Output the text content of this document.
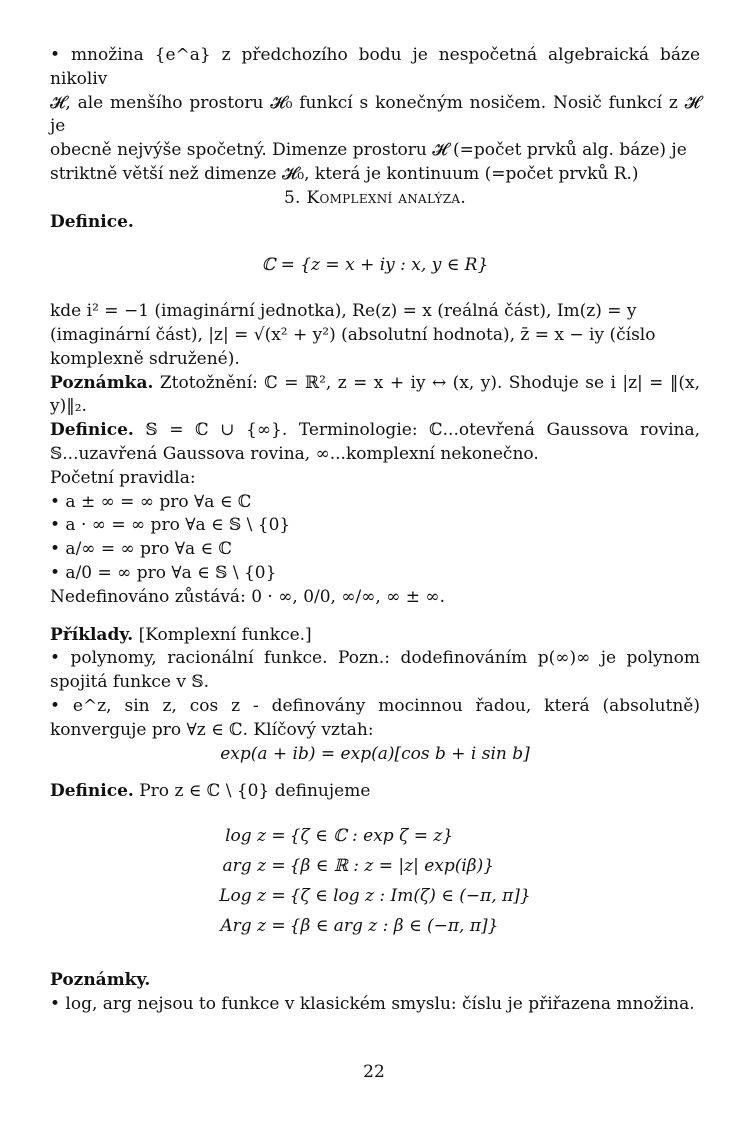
• množina {e^a} z předchozího bodu je nespočetná algebraická báze nikoliv

𝓗, ale menšího prostoru 𝓗₀ funkcí s konečným nosičem. Nosič funkcí z 𝓗 je

obecně nejvýše spočetný. Dimenze prostoru 𝓗 (=počet prvků alg. báze) je

striktně větší než dimenze 𝓗₀, která je kontinuum (=počet prvků R.)

5. Komplexní analýza.

Definice.

ℂ = {z = x + iy : x, y ∈ R}

kde i² = −1 (imaginární jednotka), Re(z) = x (reálná část), Im(z) = y

(imaginární část), |z| = √(x² + y²) (absolutní hodnota), z̄ = x − iy (číslo

komplexně sdružené).

Poznámka. Ztotožnění: ℂ = ℝ², z = x + iy ↔ (x, y). Shoduje se i |z| = ‖(x, y)‖₂.

Definice. 𝕊 = ℂ ∪ {∞}. Terminologie: ℂ...otevřená Gaussova rovina, 𝕊...uzavřená Gaussova rovina, ∞...komplexní nekonečno.

Početní pravidla:

• a ± ∞ = ∞ pro ∀a ∈ ℂ

• a · ∞ = ∞ pro ∀a ∈ 𝕊 \ {0}

• a/∞ = ∞ pro ∀a ∈ ℂ

• a/0 = ∞ pro ∀a ∈ 𝕊 \ {0}

Nedefinováno zůstává: 0 · ∞, 0/0, ∞/∞, ∞ ± ∞.

Příklady. [Komplexní funkce.]

• polynomy, racionální funkce. Pozn.: dodefinováním p(∞)∞ je polynom spojitá funkce v 𝕊.

• e^z, sin z, cos z - definovány mocinnou řadou, která (absolutně) konverguje pro ∀z ∈ ℂ. Klíčový vztah:

exp(a + ib) = exp(a)[cos b + i sin b]

Definice. Pro z ∈ ℂ \ {0} definujeme

log z =	{ζ ∈ ℂ : exp ζ = z}
arg z =	{β ∈ ℝ : z = |z| exp(iβ)}
Log z =	{ζ ∈ log z : Im(ζ) ∈ (−π, π]}
Arg z =	{β ∈ arg z : β ∈ (−π, π]}

Poznámky.

• log, arg nejsou to funkce v klasickém smyslu: číslu je přiřazena množina.

22
